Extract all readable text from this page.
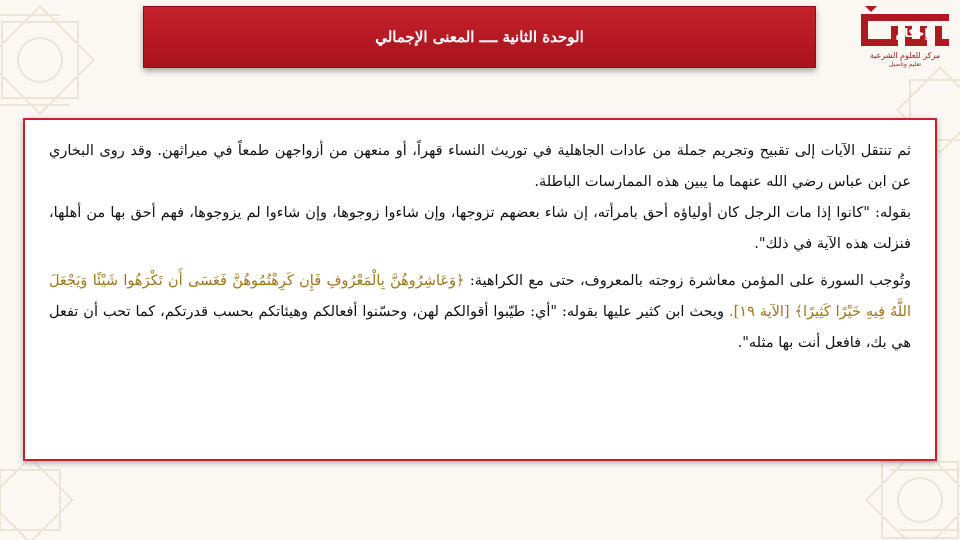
الوحدة الثانية ــــ المعنى الإجمالي	إحكام
مركز للعلوم الشرعية
تعليم وتأصيل

ثم تنتقل الآيات إلى تقبيح وتجريم جملة من عادات الجاهلية في توريث النساء قهراً، أو منعهن من أزواجهن طمعاً في ميراثهن. وقد روى البخاري عن ابن عباس رضي الله عنهما ما يبين هذه الممارسات الباطلة.

بقوله: "كانوا إذا مات الرجل كان أولياؤه أحق بامرأته، إن شاء بعضهم تزوجها، وإن شاءوا زوجوها، وإن شاءوا لم يزوجوها، فهم أحق بها من أهلها، فنزلت هذه الآية في ذلك".

وتُوجب السورة على المؤمن معاشرة زوجته بالمعروف، حتى مع الكراهية: ﴿وَعَاشِرُوهُنَّ بِالْمَعْرُوفِ فَإِن كَرِهْتُمُوهُنَّ فَعَسَى أَن تَكْرَهُوا شَيْئًا وَيَجْعَلَ اللَّهُ فِيهِ خَيْرًا كَثِيرًا﴾ [الآية ١٩]. ويحث ابن كثير عليها بقوله: "أي: طيّبوا أقوالكم لهن، وحسّنوا أفعالكم وهيئاتكم بحسب قدرتكم، كما تحب أن تفعل هي بك، فافعل أنت بها مثله".
